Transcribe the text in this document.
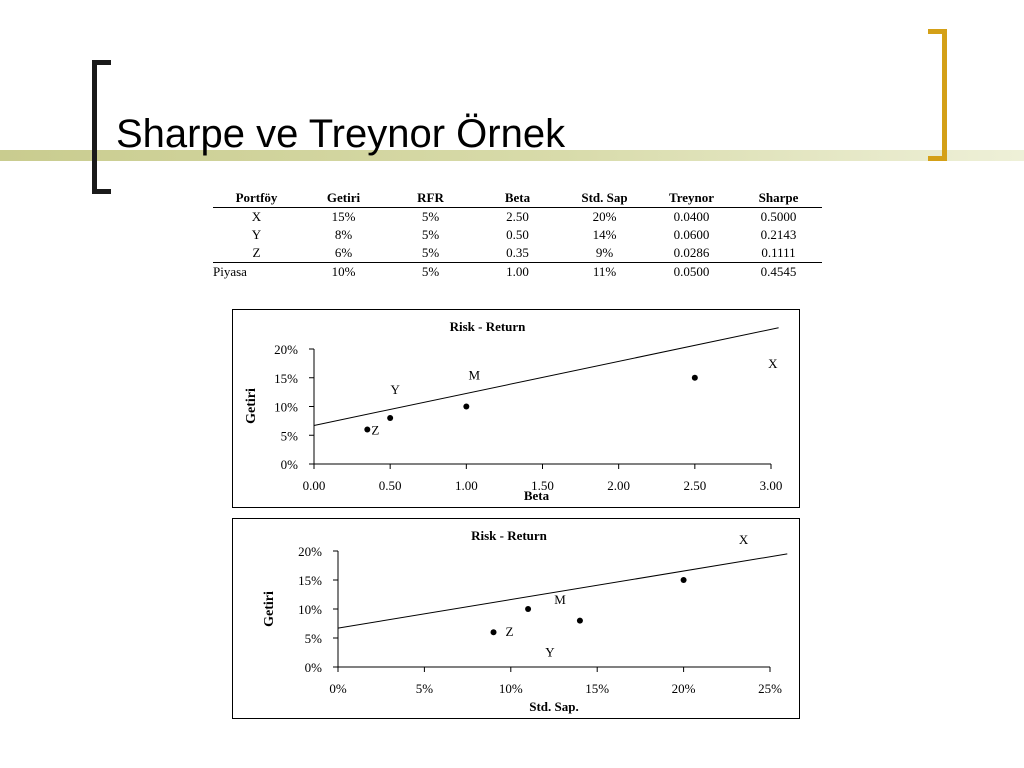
Sharpe ve Treynor Örnek
Portföy	Getiri	RFR	Beta	Std. Sap	Treynor	Sharpe
X	15%	5%	2.50	20%	0.0400	0.5000
Y	8%	5%	0.50	14%	0.0600	0.2143
Z	6%	5%	0.35	9%	0.0286	0.1111
Piyasa	10%	5%	1.00	11%	0.0500	0.4545
Risk - Return
0.00	0.50	1.00	1.50	2.00	2.50	3.00
0%
5%
10%
15%
20%
Beta
Getiri
X
Y
Z
M
Risk - Return
0%	5%	10%	15%	20%	25%
0%
5%
10%
15%
20%
Std. Sap.
Getiri
X
Y
Z
M
